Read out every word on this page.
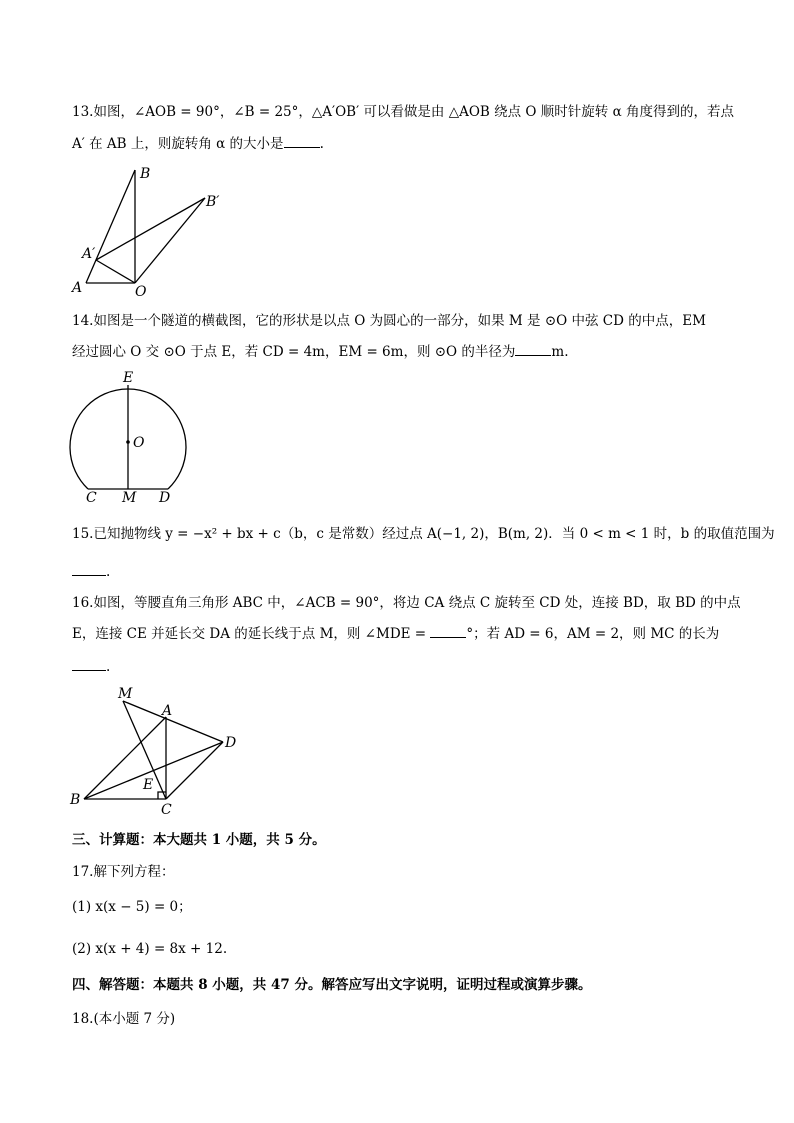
13.如图，∠AOB = 90°，∠B = 25°，△A′OB′ 可以看做是由 △AOB 绕点 O 顺时针旋转 α 角度得到的，若点
A′ 在 AB 上，则旋转角 α 的大小是	.
B
B′
A′
A	O
14.如图是一个隧道的横截图，它的形状是以点 O 为圆心的一部分，如果 M 是 ⊙O 中弦 CD 的中点，EM
经过圆心 O 交 ⊙O 于点 E，若 CD = 4m，EM = 6m，则 ⊙O 的半径为	m.
E
O
C M D
15.已知抛物线 y = −x² + bx + c（b，c 是常数）经过点 A(−1, 2)，B(m, 2)．当 0 < m < 1 时，b 的取值范围为
.
16.如图，等腰直角三角形 ABC 中，∠ACB = 90°，将边 CA 绕点 C 旋转至 CD 处，连接 BD，取 BD 的中点
E，连接 CE 并延长交 DA 的延长线于点 M，则 ∠MDE =	°；若 AD = 6，AM = 2，则 MC 的长为
.
M
A
D
E
B
C
三、计算题：本大题共 1 小题，共 5 分。
17.解下列方程：
(1) x(x − 5) = 0；
(2) x(x + 4) = 8x + 12.
四、解答题：本题共 8 小题，共 47 分。解答应写出文字说明，证明过程或演算步骤。
18.(本小题 7 分)
